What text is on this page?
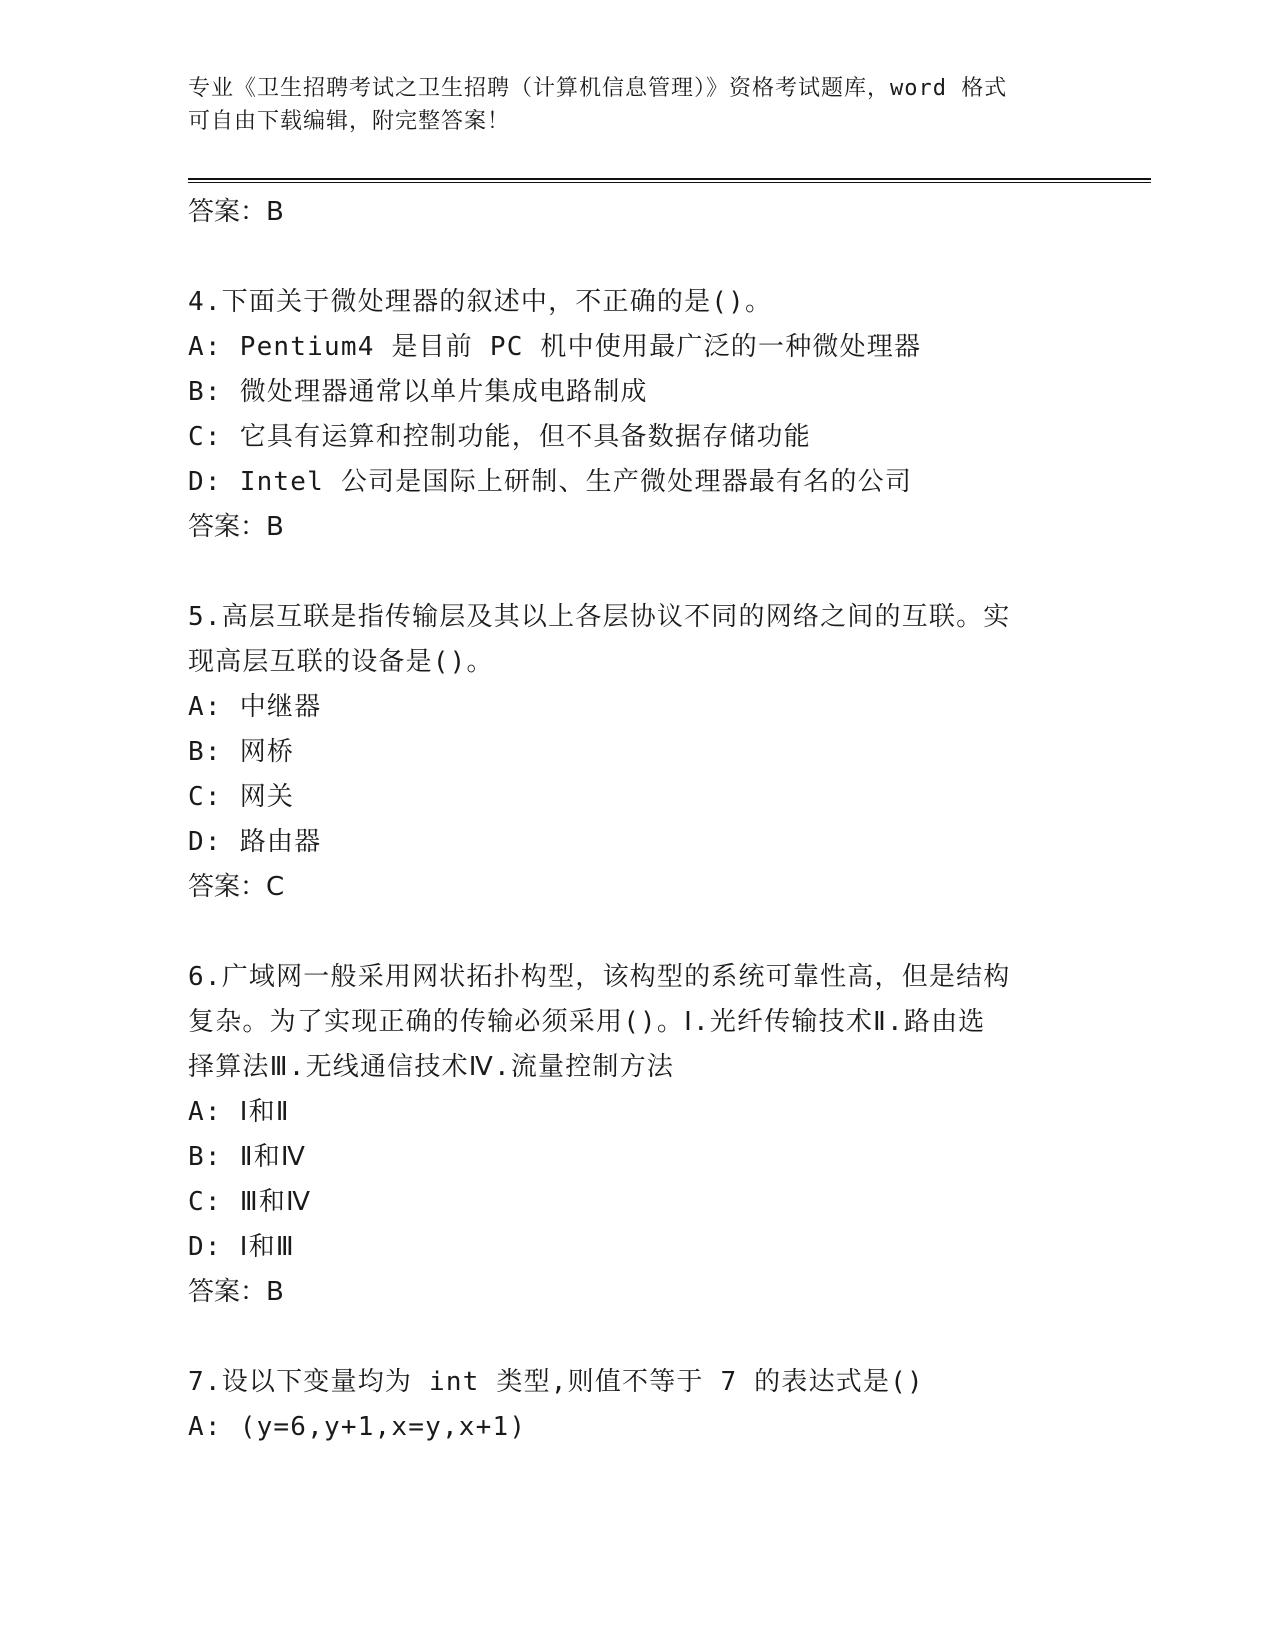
专业《卫生招聘考试之卫生招聘（计算机信息管理）》资格考试题库，word 格式
可自由下载编辑，附完整答案！
答案：B
4.下面关于微处理器的叙述中，不正确的是()。
A: Pentium4 是目前 PC 机中使用最广泛的一种微处理器
B: 微处理器通常以单片集成电路制成
C: 它具有运算和控制功能，但不具备数据存储功能
D: Intel 公司是国际上研制、生产微处理器最有名的公司
答案：B
5.高层互联是指传输层及其以上各层协议不同的网络之间的互联。实
现高层互联的设备是()。
A: 中继器
B: 网桥
C: 网关
D: 路由器
答案：C
6.广域网一般采用网状拓扑构型，该构型的系统可靠性高，但是结构
复杂。为了实现正确的传输必须采用()。Ⅰ.光纤传输技术Ⅱ.路由选
择算法Ⅲ.无线通信技术Ⅳ.流量控制方法
A: Ⅰ和Ⅱ
B: Ⅱ和Ⅳ
C: Ⅲ和Ⅳ
D: Ⅰ和Ⅲ
答案：B
7.设以下变量均为 int 类型,则值不等于 7 的表达式是()
A: (y=6,y+1,x=y,x+1)
